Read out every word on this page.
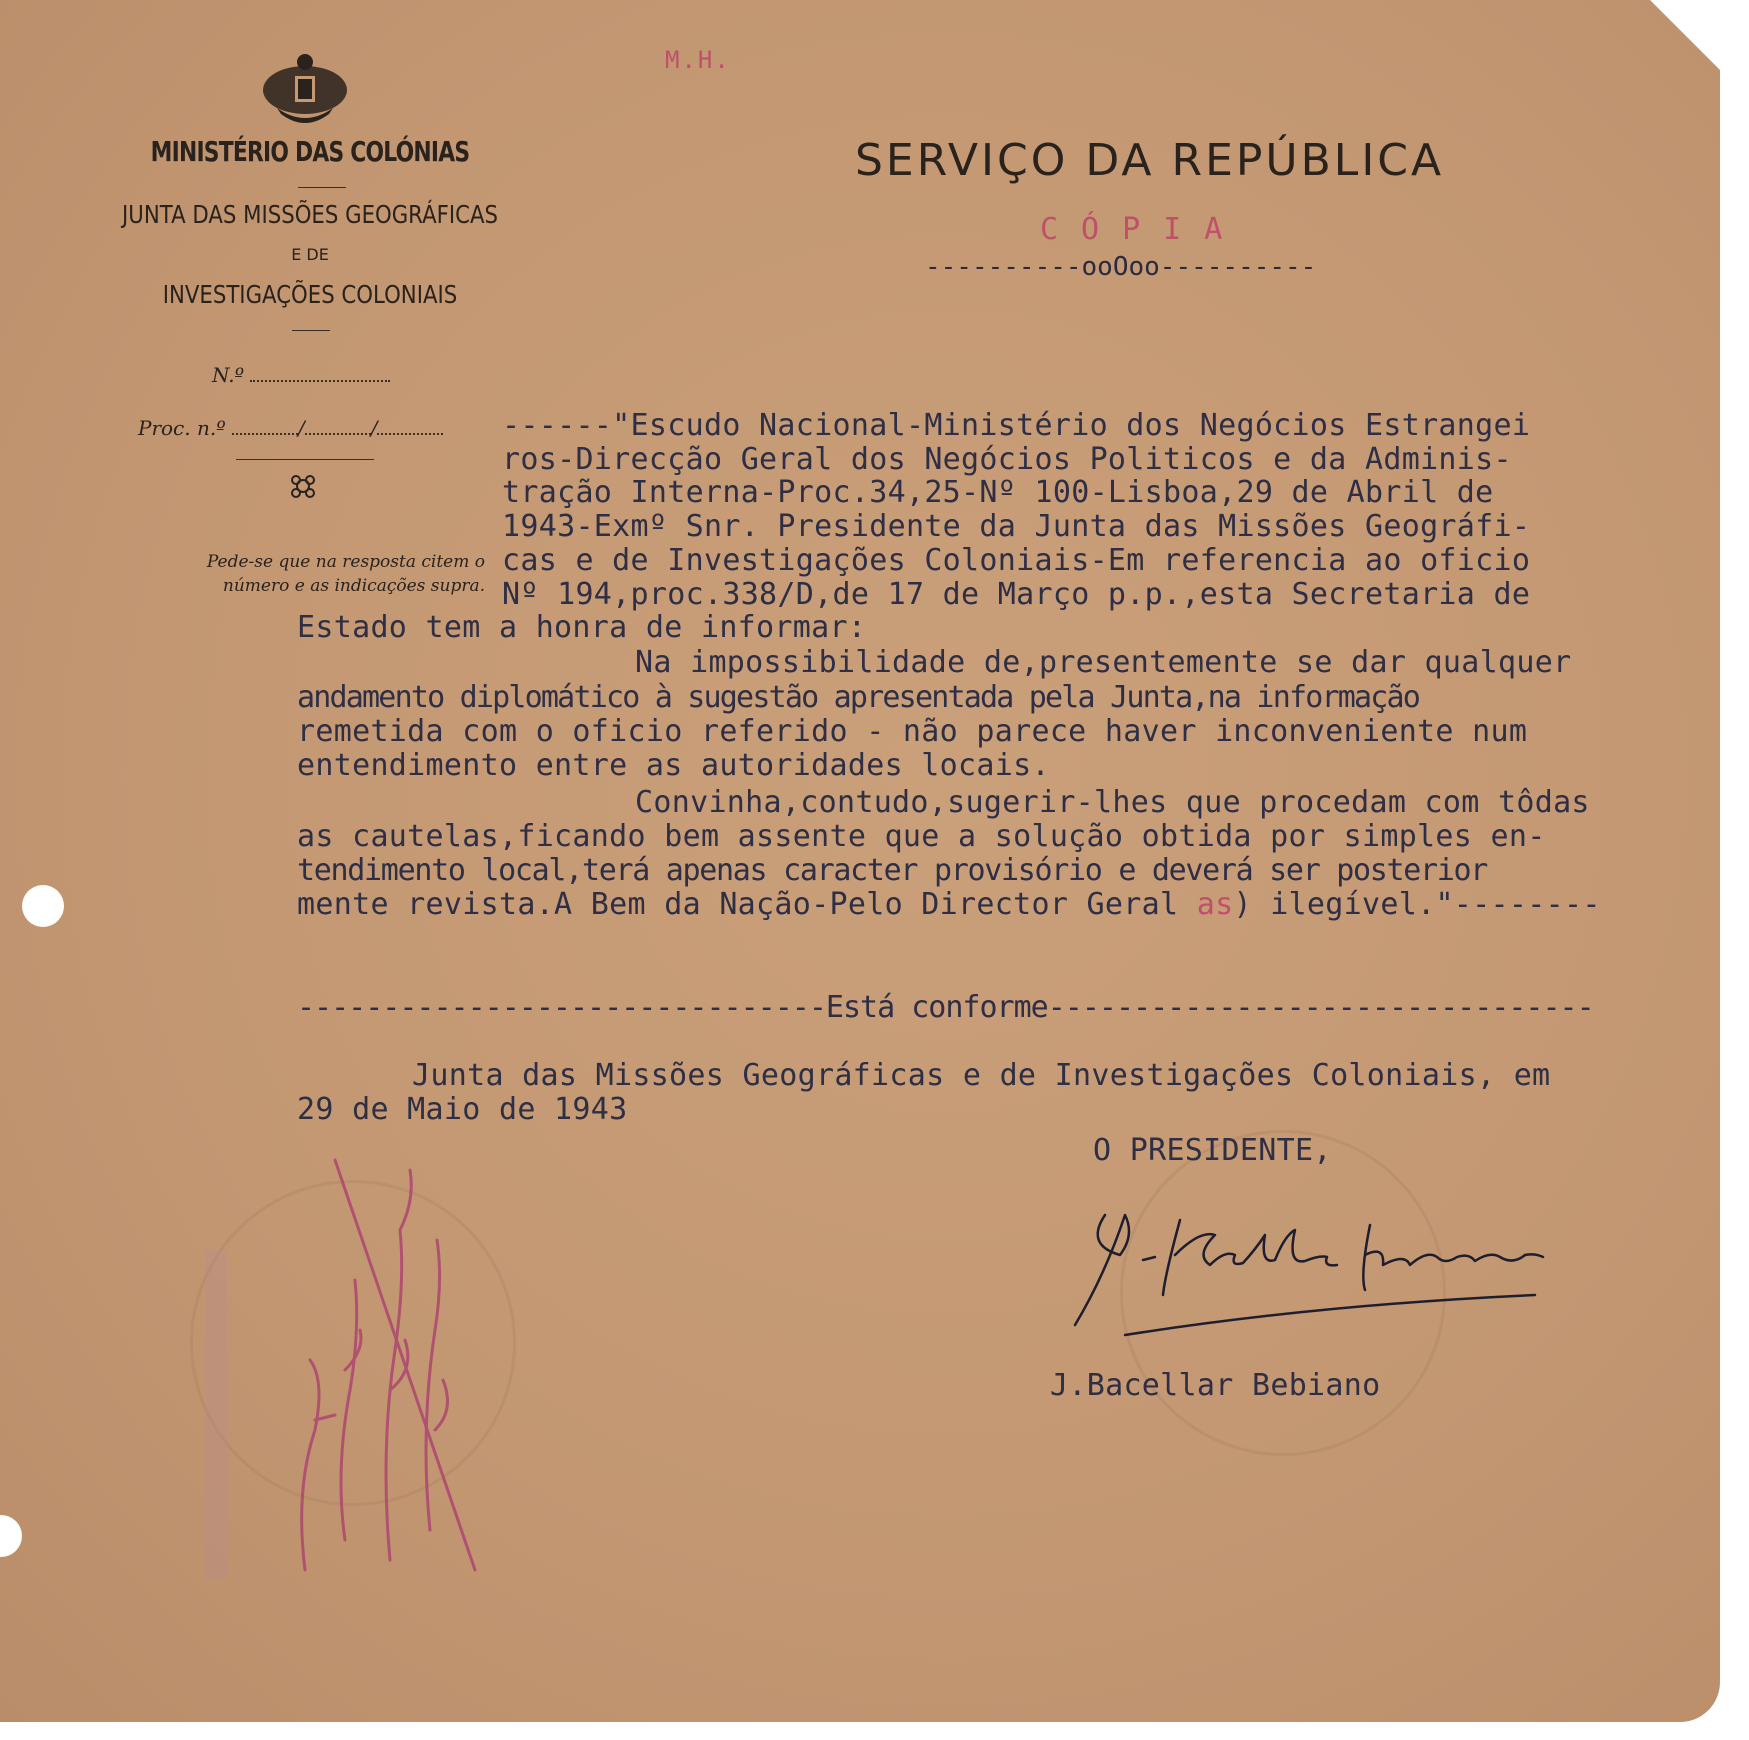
M.H.
MINISTÉRIO DAS COLÓNIAS
JUNTA DAS MISSÕES GEOGRÁFICAS
E DE
INVESTIGAÇÕES COLONIAIS
N.º
Proc. n.º	/	/
Pede-se que na resposta citem o
número e as indicações supra.
SERVIÇO DA REPÚBLICA
CÓPIA
----------ooOoo----------
------"Escudo Nacional-Ministério dos Negócios Estrangei
ros-Direcção Geral dos Negócios Politicos e da Adminis-
tração Interna-Proc.34,25-Nº 100-Lisboa,29 de Abril de
1943-Exmº Snr. Presidente da Junta das Missões Geográfi-
cas e de Investigações Coloniais-Em referencia ao oficio
Nº 194,proc.338/D,de 17 de Março p.p.,esta Secretaria de
Estado tem a honra de informar:
Na impossibilidade de,presentemente se dar qualquer
andamento diplomático à sugestão apresentada pela Junta,na informação
remetida com o oficio referido - não parece haver inconveniente num
entendimento entre as autoridades locais.
Convinha,contudo,sugerir-lhes que procedam com tôdas
as cautelas,ficando bem assente que a solução obtida por simples en-
tendimento local,terá apenas caracter provisório e deverá ser posterior
mente revista.A Bem da Nação-Pelo Director Geral as) ilegível."--------
-------------------------------Está conforme--------------------------------
Junta das Missões Geográficas e de Investigações Coloniais, em
29 de Maio de 1943
O PRESIDENTE,
J.Bacellar Bebiano
